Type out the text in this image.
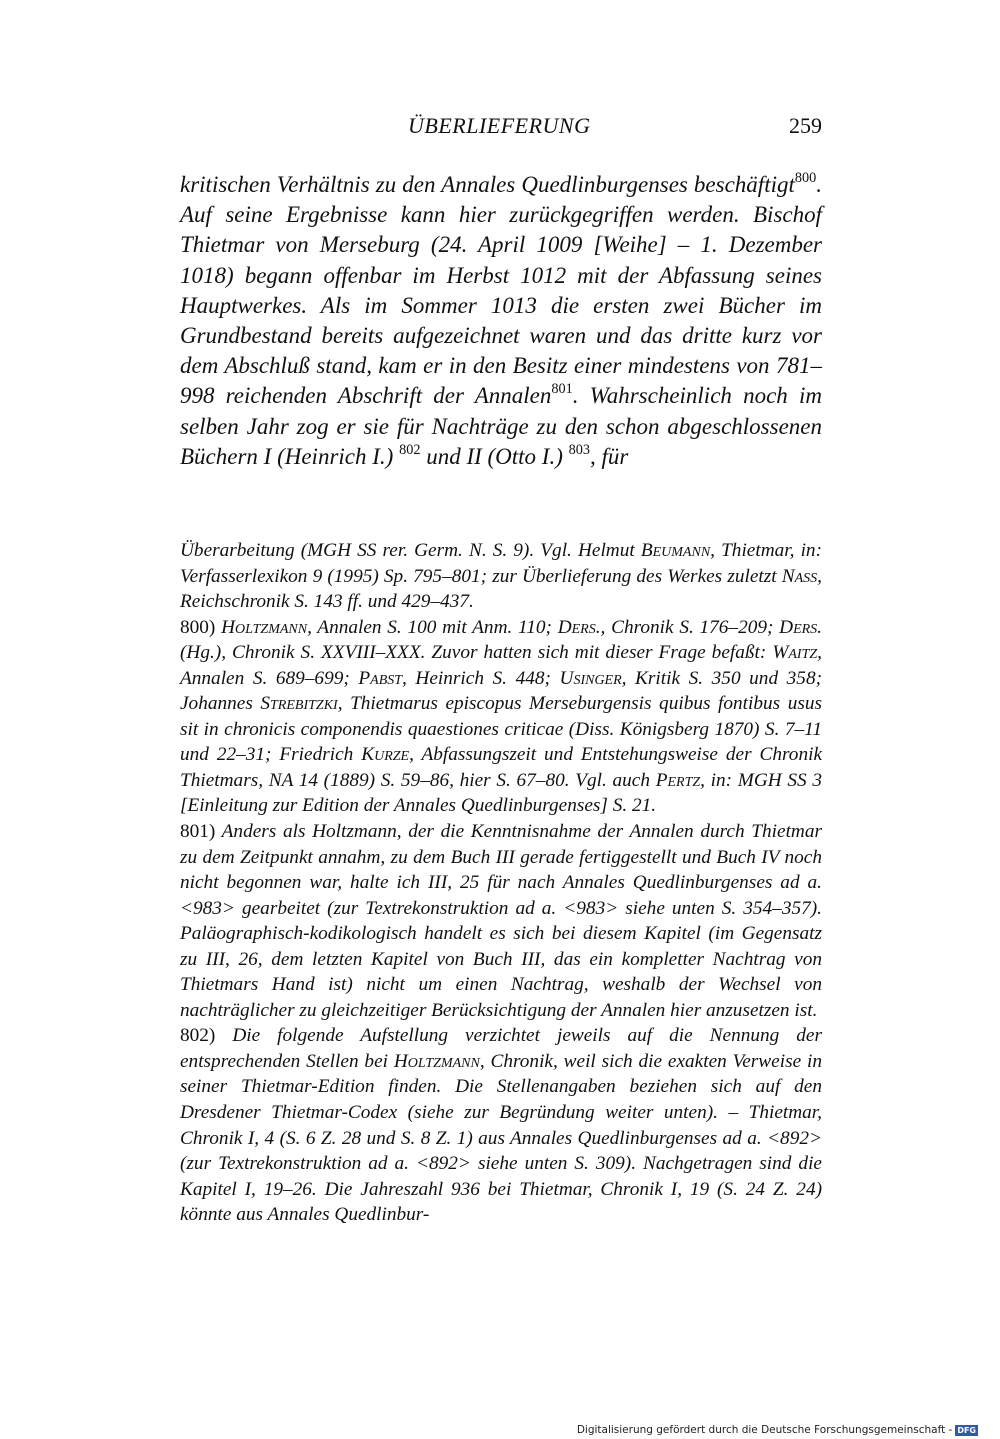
ÜBERLIEFERUNG	259
kritischen Verhältnis zu den Annales Quedlinburgenses beschäftigt$^{800}$. Auf seine Ergebnisse kann hier zurückgegriffen werden. Bischof Thietmar von Merseburg (24. April 1009 [Weihe] – 1. Dezember 1018) begann offenbar im Herbst 1012 mit der Abfassung seines Hauptwerkes. Als im Sommer 1013 die ersten zwei Bücher im Grundbestand bereits aufgezeichnet waren und das dritte kurz vor dem Abschluß stand, kam er in den Besitz einer mindestens von 781–998 reichenden Abschrift der Annalen$^{801}$. Wahrscheinlich noch im selben Jahr zog er sie für Nachträge zu den schon abgeschlossenen Büchern I (Heinrich I.) $^{802}$ und II (Otto I.) $^{803}$, für

Überarbeitung (MGH SS rer. Germ. N. S. 9). Vgl. Helmut Beumann, Thietmar, in: Verfasserlexikon 9 (1995) Sp. 795–801; zur Überlieferung des Werkes zuletzt Nass, Reichschronik S. 143 ff. und 429–437.

800) Holtzmann, Annalen S. 100 mit Anm. 110; Ders., Chronik S. 176–209; Ders. (Hg.), Chronik S. XXVIII–XXX. Zuvor hatten sich mit dieser Frage befaßt: Waitz, Annalen S. 689–699; Pabst, Heinrich S. 448; Usinger, Kritik S. 350 und 358; Johannes Strebitzki, Thietmarus episcopus Merseburgensis quibus fontibus usus sit in chronicis componendis quaestiones criticae (Diss. Königsberg 1870) S. 7–11 und 22–31; Friedrich Kurze, Abfassungszeit und Entstehungsweise der Chronik Thietmars, NA 14 (1889) S. 59–86, hier S. 67–80. Vgl. auch Pertz, in: MGH SS 3 [Einleitung zur Edition der Annales Quedlinburgenses] S. 21.

801) Anders als Holtzmann, der die Kenntnisnahme der Annalen durch Thietmar zu dem Zeitpunkt annahm, zu dem Buch III gerade fertiggestellt und Buch IV noch nicht begonnen war, halte ich III, 25 für nach Annales Quedlinburgenses ad a. <983> gearbeitet (zur Textrekonstruktion ad a. <983> siehe unten S. 354–357). Paläographisch-kodikologisch handelt es sich bei diesem Kapitel (im Gegensatz zu III, 26, dem letzten Kapitel von Buch III, das ein kompletter Nachtrag von Thietmars Hand ist) nicht um einen Nachtrag, weshalb der Wechsel von nachträglicher zu gleichzeitiger Berücksichtigung der Annalen hier anzusetzen ist.

802) Die folgende Aufstellung verzichtet jeweils auf die Nennung der entsprechenden Stellen bei Holtzmann, Chronik, weil sich die exakten Verweise in seiner Thietmar-Edition finden. Die Stellenangaben beziehen sich auf den Dresdener Thietmar-Codex (siehe zur Begründung weiter unten). – Thietmar, Chronik I, 4 (S. 6 Z. 28 und S. 8 Z. 1) aus Annales Quedlinburgenses ad a. <892> (zur Textrekonstruktion ad a. <892> siehe unten S. 309). Nachgetragen sind die Kapitel I, 19–26. Die Jahreszahl 936 bei Thietmar, Chronik I, 19 (S. 24 Z. 24) könnte aus Annales Quedlinbur-

Digitalisierung gefördert durch die Deutsche Forschungsgemeinschaft - DFG
